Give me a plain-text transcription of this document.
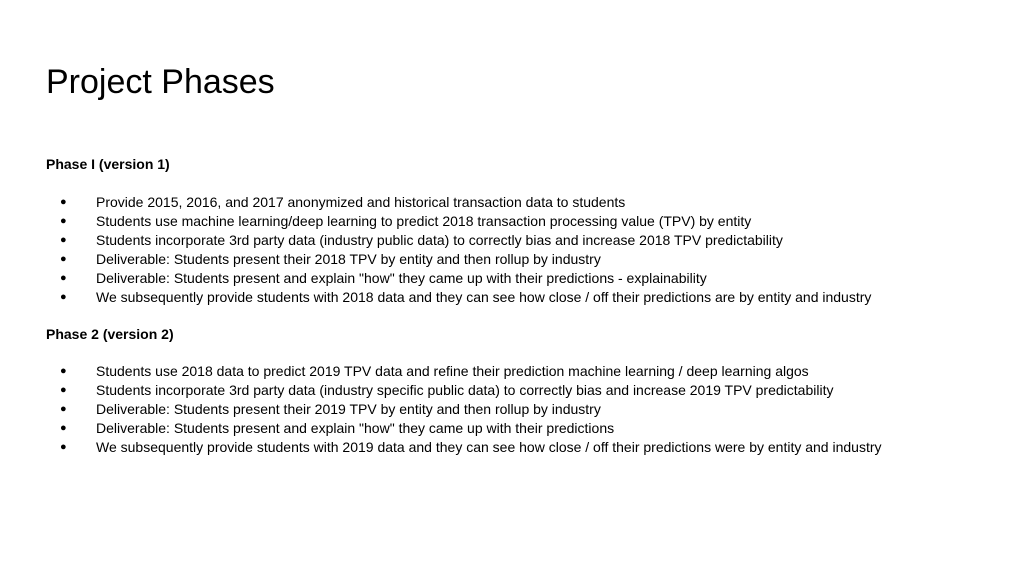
Project Phases
Phase I (version 1)
● Provide 2015, 2016, and 2017 anonymized and historical transaction data to students
● Students use machine learning/deep learning to predict 2018 transaction processing value (TPV) by entity
● Students incorporate 3rd party data (industry public data) to correctly bias and increase 2018 TPV predictability
● Deliverable: Students present their 2018 TPV by entity and then rollup by industry
● Deliverable: Students present and explain "how" they came up with their predictions - explainability
● We subsequently provide students with 2018 data and they can see how close / off their predictions are by entity and industry
Phase 2 (version 2)
● Students use 2018 data to predict 2019 TPV data and refine their prediction machine learning / deep learning algos
● Students incorporate 3rd party data (industry specific public data) to correctly bias and increase 2019 TPV predictability
● Deliverable: Students present their 2019 TPV by entity and then rollup by industry
● Deliverable: Students present and explain "how" they came up with their predictions
● We subsequently provide students with 2019 data and they can see how close / off their predictions were by entity and industry
